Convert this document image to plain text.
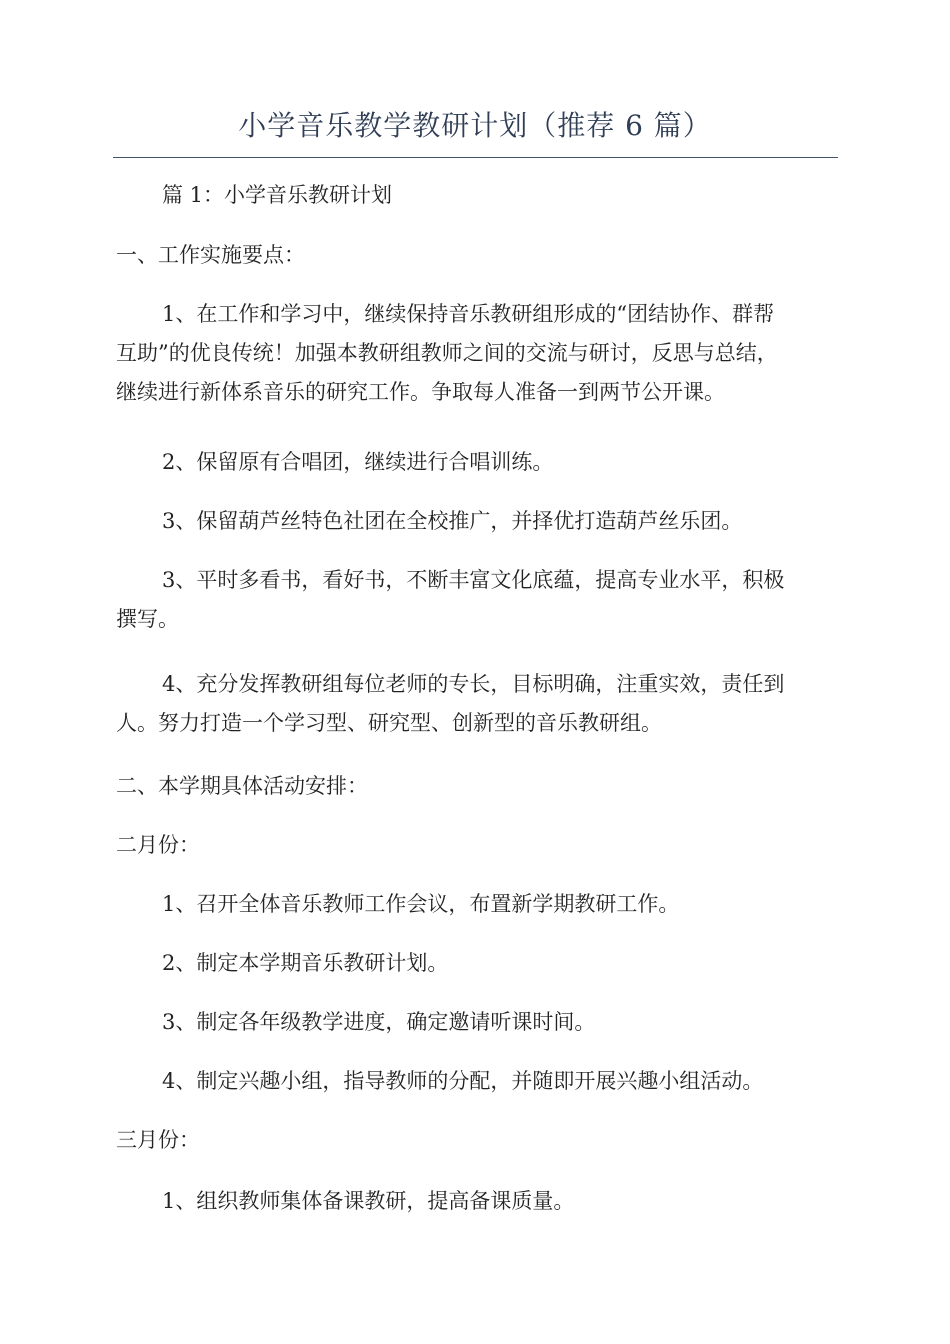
小学音乐教学教研计划（推荐 6 篇）
篇 1：小学音乐教研计划
一、工作实施要点：
1、在工作和学习中，继续保持音乐教研组形成的“团结协作、群帮
互助”的优良传统！加强本教研组教师之间的交流与研讨，反思与总结，
继续进行新体系音乐的研究工作。争取每人准备一到两节公开课。
2、保留原有合唱团，继续进行合唱训练。
3、保留葫芦丝特色社团在全校推广，并择优打造葫芦丝乐团。
3、平时多看书，看好书，不断丰富文化底蕴，提高专业水平，积极
撰写。
4、充分发挥教研组每位老师的专长，目标明确，注重实效，责任到
人。努力打造一个学习型、研究型、创新型的音乐教研组。
二、本学期具体活动安排：
二月份：
1、召开全体音乐教师工作会议，布置新学期教研工作。
2、制定本学期音乐教研计划。
3、制定各年级教学进度，确定邀请听课时间。
4、制定兴趣小组，指导教师的分配，并随即开展兴趣小组活动。
三月份：
1、组织教师集体备课教研，提高备课质量。
